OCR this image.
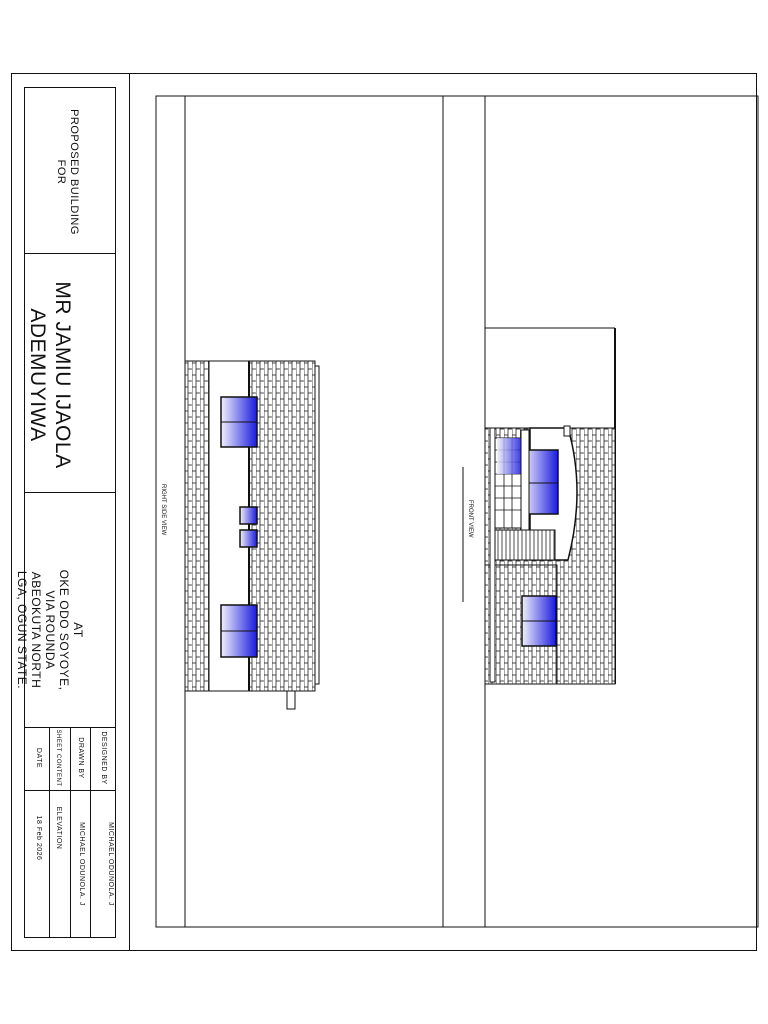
PROPOSED BUILDING
FOR
MR JAMIU IJAOLA
ADEMUYIWA
AT
OKE ODO SOYOYE,
VIA ROUNDA
ABEOKUTA NORTH
LGA, OGUN STATE.
DESIGNED BY
MICHAEL ODUNOLA. J
DRAWN BY
MICHAEL ODUNOLA. J
SHEET CONTENT
ELEVATION
DATE
18 Feb 2026
RIGHT SIDE VIEW	FRONT VIEW
